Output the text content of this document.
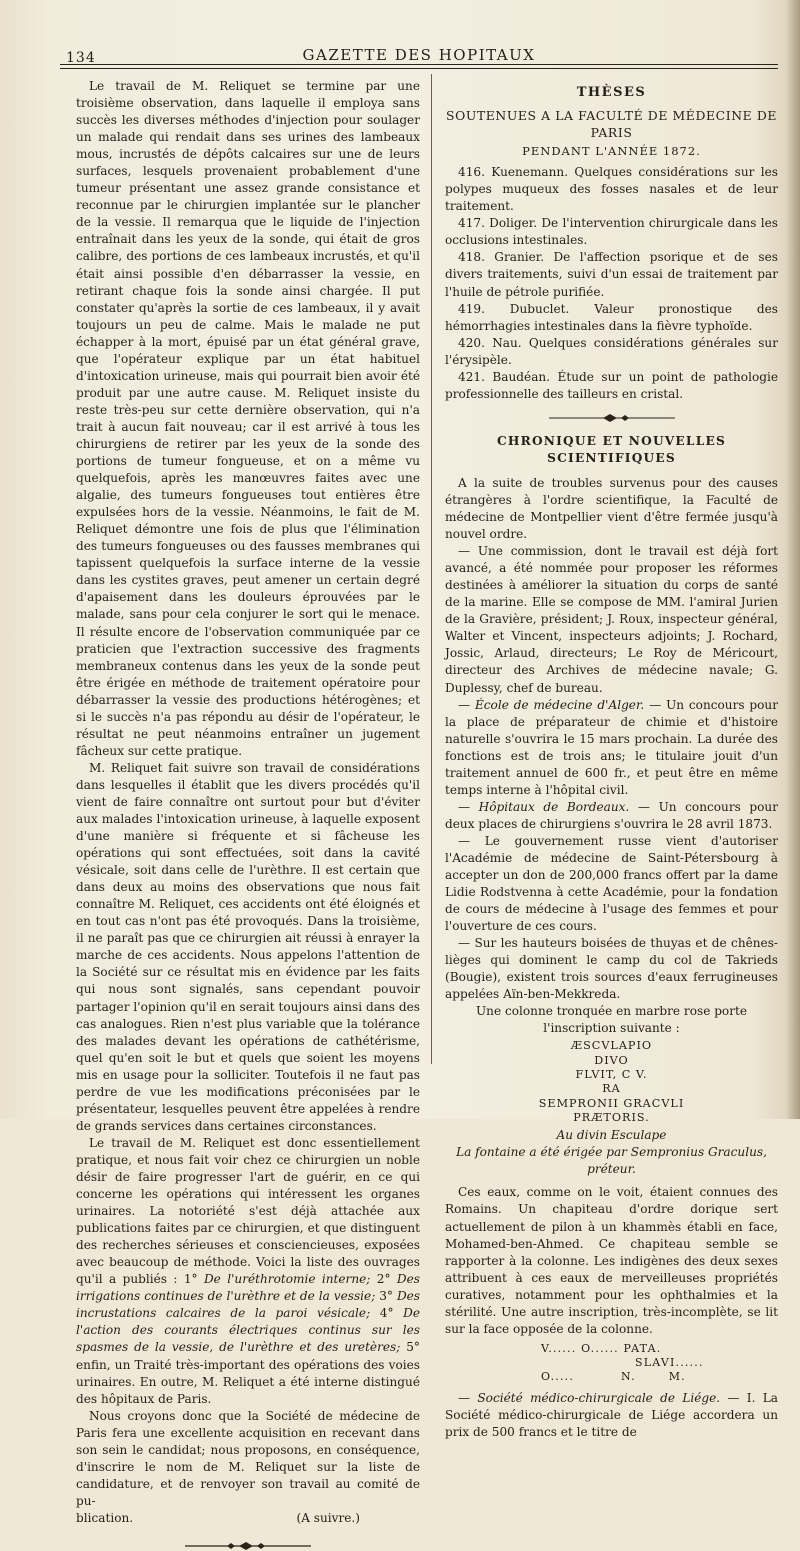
134	GAZETTE DES HOPITAUX

Le travail de M. Reliquet se termine par une troisième observation, dans laquelle il employa sans succès les diverses méthodes d'injection pour soulager un malade qui rendait dans ses urines des lambeaux mous, incrustés de dépôts calcaires sur une de leurs surfaces, lesquels provenaient probablement d'une tumeur présentant une assez grande consistance et reconnue par le chirurgien implantée sur le plancher de la vessie. Il remarqua que le liquide de l'injection entraînait dans les yeux de la sonde, qui était de gros calibre, des portions de ces lambeaux incrustés, et qu'il était ainsi possible d'en débarrasser la vessie, en retirant chaque fois la sonde ainsi chargée. Il put constater qu'après la sortie de ces lambeaux, il y avait toujours un peu de calme. Mais le malade ne put échapper à la mort, épuisé par un état général grave, que l'opérateur explique par un état habituel d'intoxication urineuse, mais qui pourrait bien avoir été produit par une autre cause. M. Reliquet insiste du reste très-peu sur cette dernière observation, qui n'a trait à aucun fait nouveau; car il est arrivé à tous les chirurgiens de retirer par les yeux de la sonde des portions de tumeur fongueuse, et on a même vu quelquefois, après les manœuvres faites avec une algalie, des tumeurs fongueuses tout entières être expulsées hors de la vessie. Néanmoins, le fait de M. Reliquet démontre une fois de plus que l'élimination des tumeurs fongueuses ou des fausses membranes qui tapissent quelquefois la surface interne de la vessie dans les cystites graves, peut amener un certain degré d'apaisement dans les douleurs éprouvées par le malade, sans pour cela conjurer le sort qui le menace. Il résulte encore de l'observation communiquée par ce praticien que l'extraction successive des fragments membraneux contenus dans les yeux de la sonde peut être érigée en méthode de traitement opératoire pour débarrasser la vessie des productions hétérogènes; et si le succès n'a pas répondu au désir de l'opérateur, le résultat ne peut néanmoins entraîner un jugement fâcheux sur cette pratique.

M. Reliquet fait suivre son travail de considérations dans lesquelles il établit que les divers procédés qu'il vient de faire connaître ont surtout pour but d'éviter aux malades l'intoxication urineuse, à laquelle exposent d'une manière si fréquente et si fâcheuse les opérations qui sont effectuées, soit dans la cavité vésicale, soit dans celle de l'urèthre. Il est certain que dans deux au moins des observations que nous fait connaître M. Reliquet, ces accidents ont été éloignés et en tout cas n'ont pas été provoqués. Dans la troisième, il ne paraît pas que ce chirurgien ait réussi à enrayer la marche de ces accidents. Nous appelons l'attention de la Société sur ce résultat mis en évidence par les faits qui nous sont signalés, sans cependant pouvoir partager l'opinion qu'il en serait toujours ainsi dans des cas analogues. Rien n'est plus variable que la tolérance des malades devant les opérations de cathétérisme, quel qu'en soit le but et quels que soient les moyens mis en usage pour la solliciter. Toutefois il ne faut pas perdre de vue les modifications préconisées par le présentateur, lesquelles peuvent être appelées à rendre de grands services dans certaines circonstances.

Le travail de M. Reliquet est donc essentiellement pratique, et nous fait voir chez ce chirurgien un noble désir de faire progresser l'art de guérir, en ce qui concerne les opérations qui intéressent les organes urinaires. La notoriété s'est déjà attachée aux publications faites par ce chirurgien, et que distinguent des recherches sérieuses et consciencieuses, exposées avec beaucoup de méthode. Voici la liste des ouvrages qu'il a publiés : 1° De l'uréthrotomie interne; 2° Des irrigations continues de l'urèthre et de la vessie; 3° Des incrustations calcaires de la paroi vésicale; 4° De l'action des courants électriques continus sur les spasmes de la vessie, de l'urèthre et des uretères; 5° enfin, un Traité très-important des opérations des voies urinaires. En outre, M. Reliquet a été interne distingué des hôpitaux de Paris.

Nous croyons donc que la Société de médecine de Paris fera une excellente acquisition en recevant dans son sein le candidat; nous proposons, en conséquence, d'inscrire le nom de M. Reliquet sur la liste de candidature, et de renvoyer son travail au comité de pu-

blication.	(A suivre.)
THÈSES
SOUTENUES A LA FACULTÉ DE MÉDECINE DE PARIS
PENDANT L'ANNÉE 1872.

416. Kuenemann. Quelques considérations sur les polypes muqueux des fosses nasales et de leur traitement.

417. Doliger. De l'intervention chirurgicale dans les occlusions intestinales.

418. Granier. De l'affection psorique et de ses divers traitements, suivi d'un essai de traitement par l'huile de pétrole purifiée.

419. Dubuclet. Valeur pronostique des hémorrhagies intestinales dans la fièvre typhoïde.

420. Nau. Quelques considérations générales sur l'érysipèle.

421. Baudéan. Étude sur un point de pathologie professionnelle des tailleurs en cristal.

CHRONIQUE ET NOUVELLES SCIENTIFIQUES

A la suite de troubles survenus pour des causes étrangères à l'ordre scientifique, la Faculté de médecine de Montpellier vient d'être fermée jusqu'à nouvel ordre.

— Une commission, dont le travail est déjà fort avancé, a été nommée pour proposer les réformes destinées à améliorer la situation du corps de santé de la marine. Elle se compose de MM. l'amiral Jurien de la Gravière, président; J. Roux, inspecteur général, Walter et Vincent, inspecteurs adjoints; J. Rochard, Jossic, Arlaud, directeurs; Le Roy de Méricourt, directeur des Archives de médecine navale; G. Duplessy, chef de bureau.

— École de médecine d'Alger. — Un concours pour la place de préparateur de chimie et d'histoire naturelle s'ouvrira le 15 mars prochain. La durée des fonctions est de trois ans; le titulaire jouit d'un traitement annuel de 600 fr., et peut être en même temps interne à l'hôpital civil.

— Hôpitaux de Bordeaux. — Un concours pour deux places de chirurgiens s'ouvrira le 28 avril 1873.

— Le gouvernement russe vient d'autoriser l'Académie de médecine de Saint-Pétersbourg à accepter un don de 200,000 francs offert par la dame Lidie Rodstvenna à cette Académie, pour la fondation de cours de médecine à l'usage des femmes et pour l'ouverture de ces cours.

— Sur les hauteurs boisées de thuyas et de chênes-lièges qui dominent le camp du col de Takrieds (Bougie), existent trois sources d'eaux ferrugineuses appelées Aïn-ben-Mekkreda.

Une colonne tronquée en marbre rose porte l'inscription suivante :

ÆSCVLAPIO
DIVO
FLVIT, C V.
RA
SEMPRONII GRACVLI
PRÆTORIS.
Au divin Esculape
La fontaine a été érigée par Sempronius Graculus, préteur.

Ces eaux, comme on le voit, étaient connues des Romains. Un chapiteau d'ordre dorique sert actuellement de pilon à un khammès établi en face, Mohamed-ben-Ahmed. Ce chapiteau semble se rapporter à la colonne. Les indigènes des deux sexes attribuent à ces eaux de merveilleuses propriétés curatives, notamment pour les ophthalmies et la stérilité. Une autre inscription, très-incomplète, se lit sur la face opposée de la colonne.

V...... O...... PATA.
SLAVI......
O.....          N.       M.

— Société médico-chirurgicale de Liége. — I. La Société médico-chirurgicale de Liége accordera un prix de 500 francs et le titre de
